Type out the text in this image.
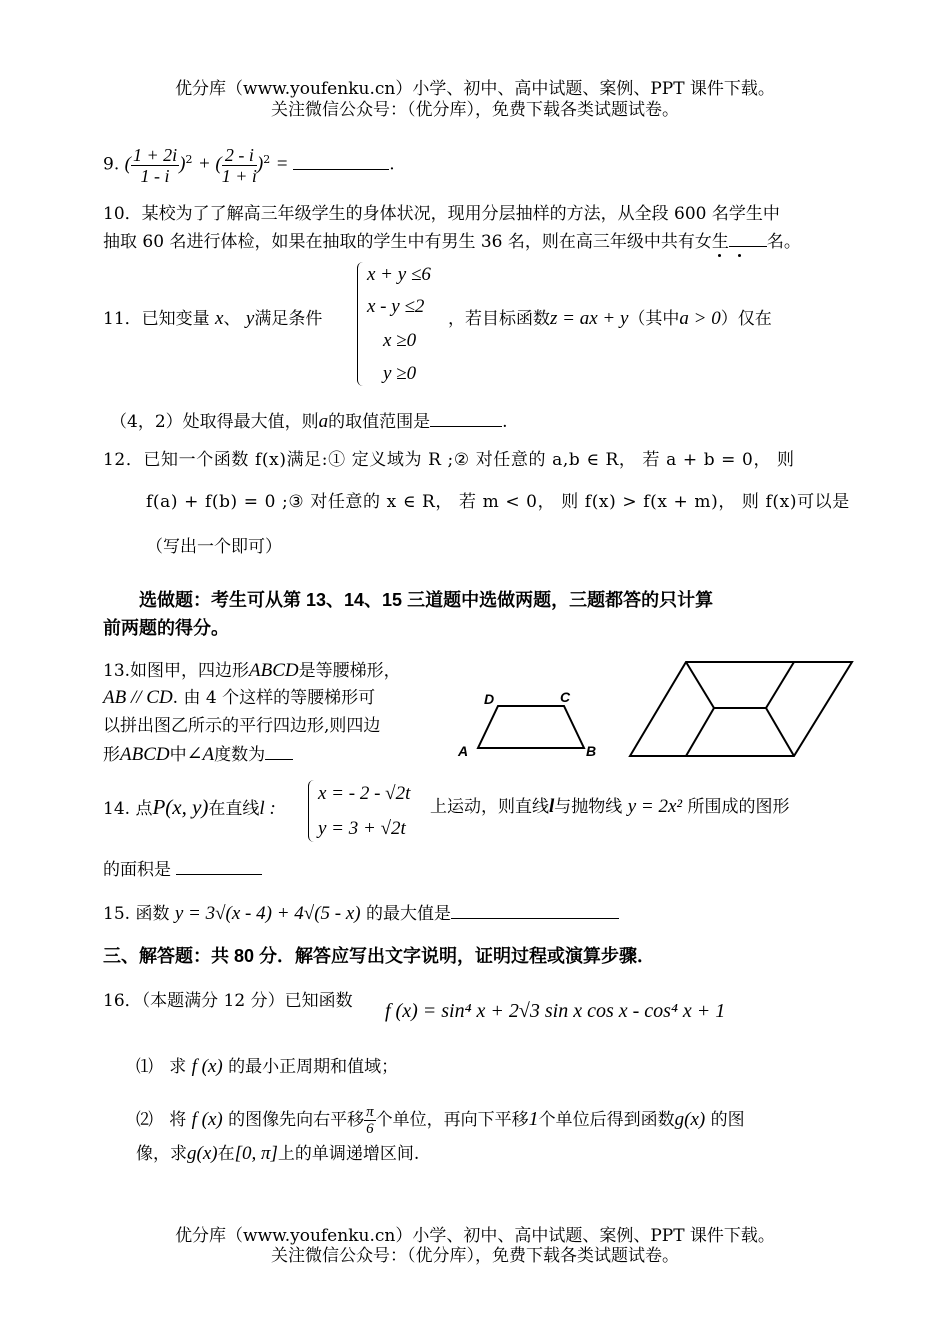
优分库（www.youfenku.cn）小学、初中、高中试题、案例、PPT 课件下载。
关注微信公众号：（优分库），免费下载各类试题试卷。
9. ( $\frac{1 + 2i}{1 - i} )^2$ + ( $\frac{2 - i}{1 + i} )^2$ =	.
10．某校为了了解高三年级学生的身体状况，现用分层抽样的方法，从全段 600 名学生中
抽取 60 名进行体检，如果在抽取的学生中有男生 36 名，则在高三年级中共有女生 名。
11．已知变量 x、 y满足条件
x + y ≤6
x - y ≤2
x ≥0
y ≥0
，若目标函数z = ax + y（其中a > 0）仅在
（4，2）处取得最大值，则a的取值范围是	.
12．已知一个函数 f(x)满足:① 定义域为 R ;② 对任意的 a,b ∈ R， 若 a + b = 0， 则
f(a) + f(b) = 0 ;③ 对任意的 x ∈ R， 若 m < 0， 则 f(x) > f(x + m)， 则 f(x)可以是
（写出一个即可）
选做题：考生可从第 13、14、15 三道题中选做两题，三题都答的只计算
前两题的得分。
13.如图甲，四边形ABCD是等腰梯形，
AB // CD. 由 4 个这样的等腰梯形可
以拼出图乙所示的平行四边形,则四边
形ABCD中∠A度数为	A	B
C
D
14. 点P(x, y)在直线l :
x = - 2 - √2t
y = 3 + √2t
上运动，则直线l与抛物线 y = 2x² 所围成的图形
的面积是
15. 函数 y = 3√(x - 4) + 4√(5 - x) 的最大值是
三、解答题：共 80 分．解答应写出文字说明，证明过程或演算步骤．
16．（本题满分 12 分）已知函数 f (x) = sin⁴ x + 2√3 sin x cos x - cos⁴ x + 1
⑴ 求 f (x) 的最小正周期和值域；
⑵ 将 f (x) 的图像先向右平移 $\frac{\pi}{6}$ 个单位，再向下平移1个单位后得到函数g(x) 的图
像，求g(x)在[0, π]上的单调递增区间.
优分库（www.youfenku.cn）小学、初中、高中试题、案例、PPT 课件下载。
关注微信公众号：（优分库），免费下载各类试题试卷。
